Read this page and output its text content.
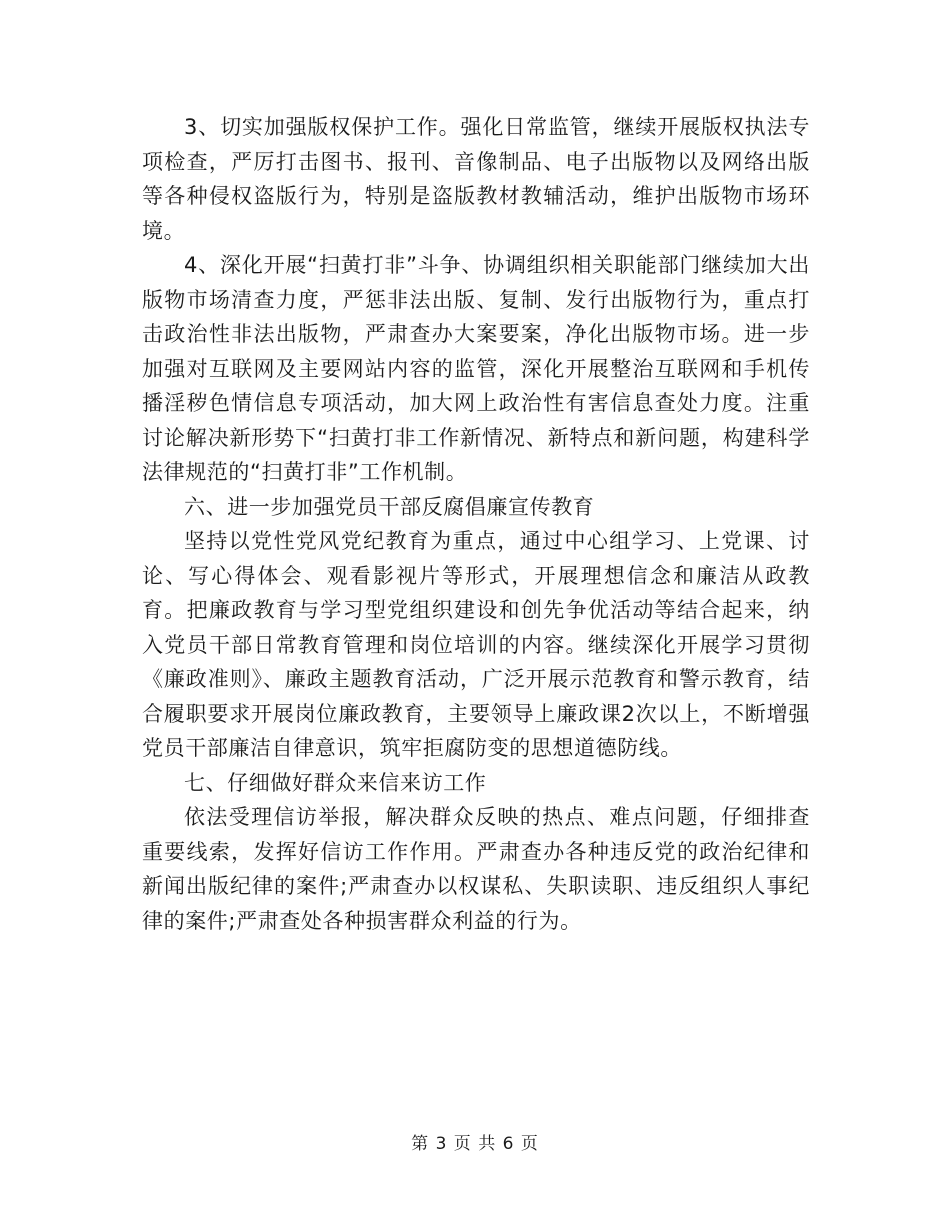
3、切实加强版权保护工作。强化日常监管，继续开展版权执法专项检查，严厉打击图书、报刊、音像制品、电子出版物以及网络出版等各种侵权盗版行为，特别是盗版教材教辅活动，维护出版物市场环境。

4、深化开展“扫黄打非”斗争、协调组织相关职能部门继续加大出版物市场清查力度，严惩非法出版、复制、发行出版物行为，重点打击政治性非法出版物，严肃查办大案要案，净化出版物市场。进一步加强对互联网及主要网站内容的监管，深化开展整治互联网和手机传播淫秽色情信息专项活动，加大网上政治性有害信息查处力度。注重讨论解决新形势下“扫黄打非工作新情况、新特点和新问题，构建科学法律规范的“扫黄打非”工作机制。

六、进一步加强党员干部反腐倡廉宣传教育

坚持以党性党风党纪教育为重点，通过中心组学习、上党课、讨论、写心得体会、观看影视片等形式，开展理想信念和廉洁从政教育。把廉政教育与学习型党组织建设和创先争优活动等结合起来，纳入党员干部日常教育管理和岗位培训的内容。继续深化开展学习贯彻《廉政准则》、廉政主题教育活动，广泛开展示范教育和警示教育，结合履职要求开展岗位廉政教育，主要领导上廉政课2次以上，不断增强党员干部廉洁自律意识，筑牢拒腐防变的思想道德防线。

七、仔细做好群众来信来访工作

依法受理信访举报，解决群众反映的热点、难点问题，仔细排查重要线索，发挥好信访工作作用。严肃查办各种违反党的政治纪律和新闻出版纪律的案件;严肃查办以权谋私、失职读职、违反组织人事纪律的案件;严肃查处各种损害群众利益的行为。

第 3 页 共 6 页
